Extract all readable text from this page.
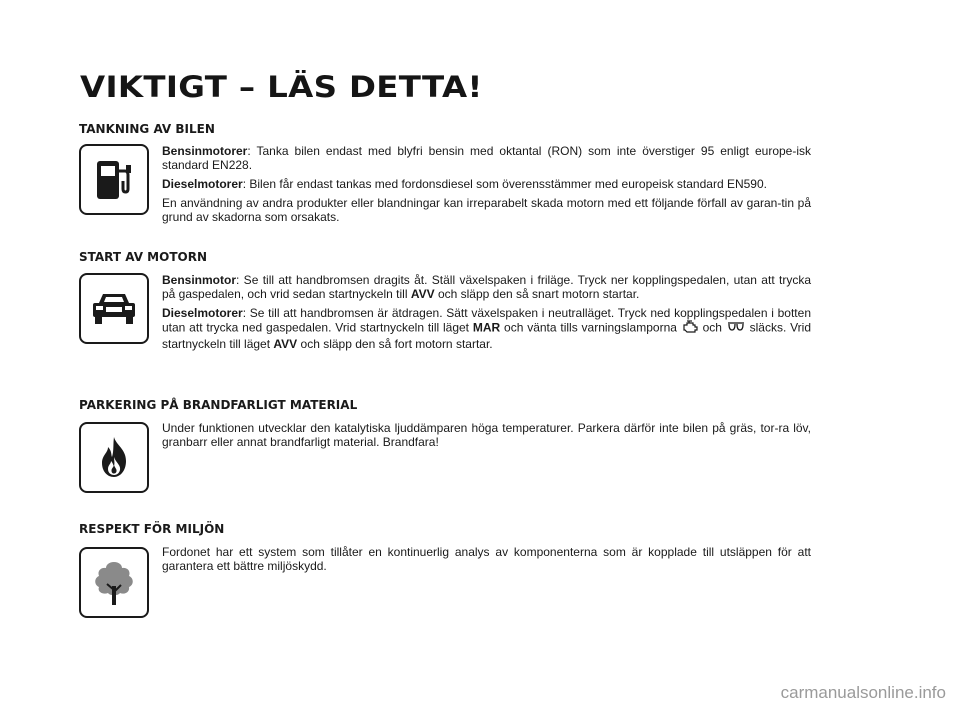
VIKTIGT – LÄS DETTA!
TANKNING AV BILEN

Bensinmotorer: Tanka bilen endast med blyfri bensin med oktantal (RON) som inte överstiger 95 enligt europe-isk standard EN228.

Dieselmotorer: Bilen får endast tankas med fordonsdiesel som överensstämmer med europeisk standard EN590.

En användning av andra produkter eller blandningar kan irreparabelt skada motorn med ett följande förfall av garan-tin på grund av skadorna som orsakats.

START AV MOTORN

Bensinmotor: Se till att handbromsen dragits åt. Ställ växelspaken i friläge. Tryck ner kopplingspedalen, utan att trycka på gaspedalen, och vrid sedan startnyckeln till AVV och släpp den så snart motorn startar.

Dieselmotorer: Se till att handbromsen är ätdragen. Sätt växelspaken i neutralläget. Tryck ned kopplingspedalen i botten utan att trycka ned gaspedalen. Vrid startnyckeln till läget MAR och vänta tills varningslamporna  och  släcks. Vrid startnyckeln till läget AVV och släpp den så fort motorn startar.

PARKERING PÅ BRANDFARLIGT MATERIAL

Under funktionen utvecklar den katalytiska ljuddämparen höga temperaturer. Parkera därför inte bilen på gräs, tor-ra löv, granbarr eller annat brandfarligt material. Brandfara!

RESPEKT FÖR MILJÖN

Fordonet har ett system som tillåter en kontinuerlig analys av komponenterna som är kopplade till utsläppen för att garantera ett bättre miljöskydd.

carmanualsonline.info
